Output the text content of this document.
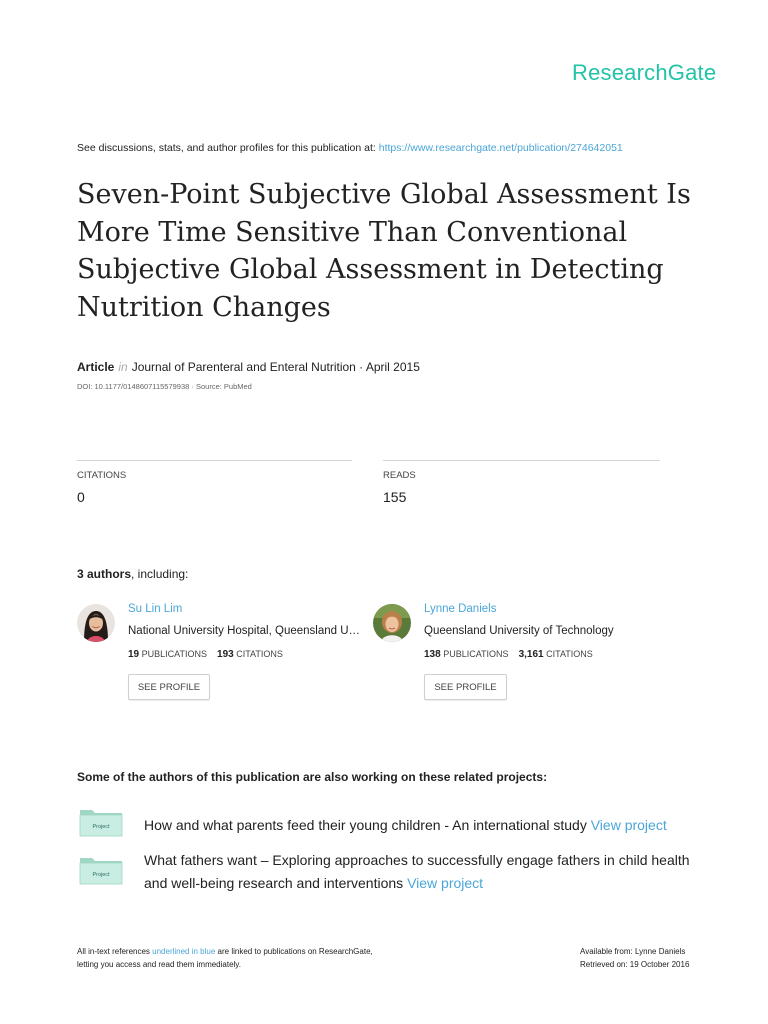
ResearchGate
See discussions, stats, and author profiles for this publication at: https://www.researchgate.net/publication/274642051
Seven-Point Subjective Global Assessment Is More Time Sensitive Than Conventional Subjective Global Assessment in Detecting Nutrition Changes
Article in Journal of Parenteral and Enteral Nutrition · April 2015
DOI: 10.1177/0148607115579938 · Source: PubMed
CITATIONS
0
READS
155
3 authors, including:
Su Lin Lim
National University Hospital, Queensland U…
19 PUBLICATIONS 193 CITATIONS
SEE PROFILE
Lynne Daniels
Queensland University of Technology
138 PUBLICATIONS 3,161 CITATIONS
SEE PROFILE
Some of the authors of this publication are also working on these related projects:
Project How and what parents feed their young children - An international study View project
Project
What fathers want – Exploring approaches to successfully engage fathers in child health and well-being research and interventions View project
All in-text references underlined in blue are linked to publications on ResearchGate,
letting you access and read them immediately.
Available from: Lynne Daniels
Retrieved on: 19 October 2016
